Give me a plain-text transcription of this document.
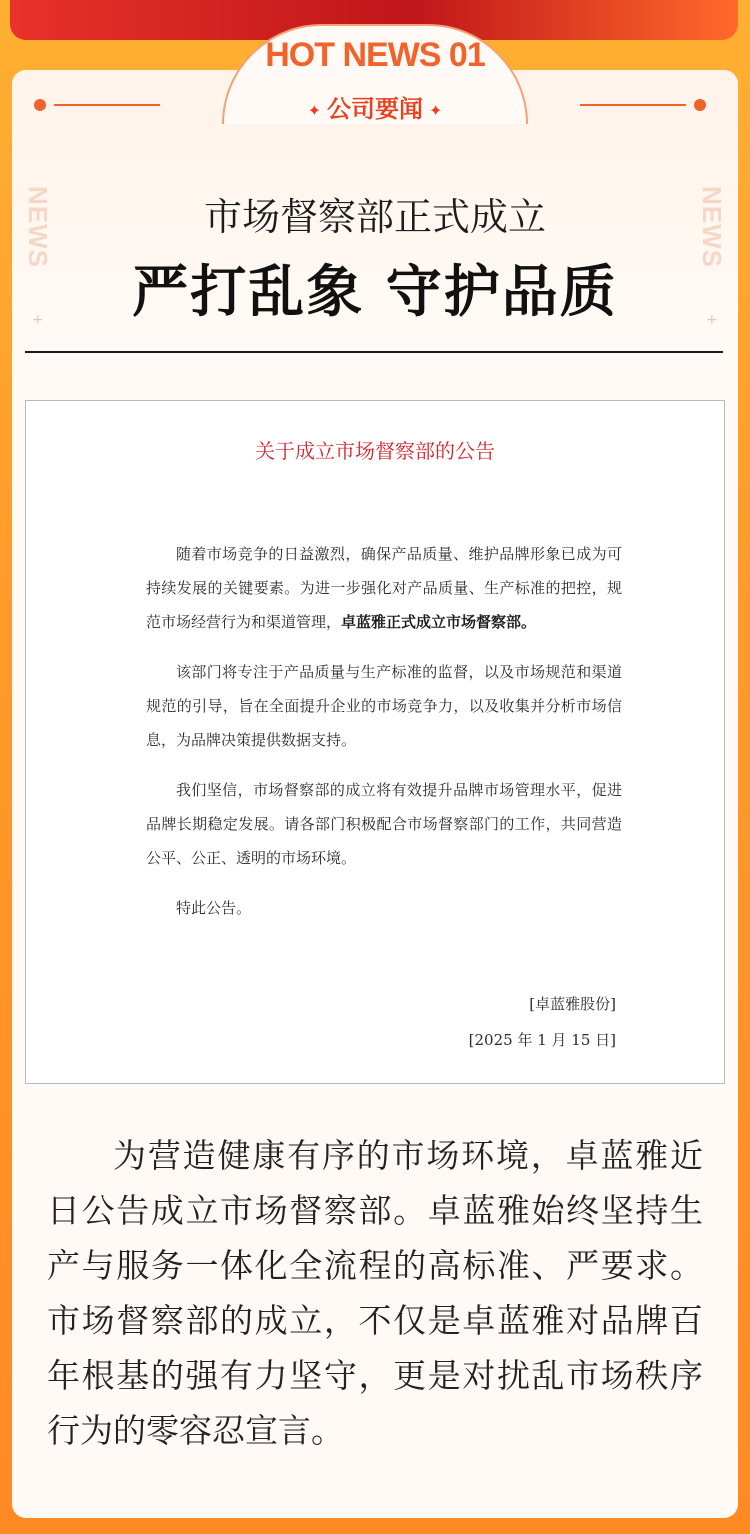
HOT NEWS 01
✦ 公司要闻 ✦
NEWS	NEWS
+	+
市场督察部正式成立
严打乱象 守护品质
关于成立市场督察部的公告

随着市场竞争的日益激烈，确保产品质量、维护品牌形象已成为可持续发展的关键要素。为进一步强化对产品质量、生产标准的把控，规范市场经营行为和渠道管理，卓蓝雅正式成立市场督察部。

该部门将专注于产品质量与生产标准的监督，以及市场规范和渠道规范的引导，旨在全面提升企业的市场竞争力，以及收集并分析市场信息，为品牌决策提供数据支持。

我们坚信，市场督察部的成立将有效提升品牌市场管理水平，促进品牌长期稳定发展。请各部门积极配合市场督察部门的工作，共同营造公平、公正、透明的市场环境。

特此公告。

[卓蓝雅股份]
[2025 年 1 月 15 日]
为营造健康有序的市场环境，卓蓝雅近日公告成立市场督察部。卓蓝雅始终坚持生产与服务一体化全流程的高标准、严要求。市场督察部的成立，不仅是卓蓝雅对品牌百年根基的强有力坚守，更是对扰乱市场秩序行为的零容忍宣言。
